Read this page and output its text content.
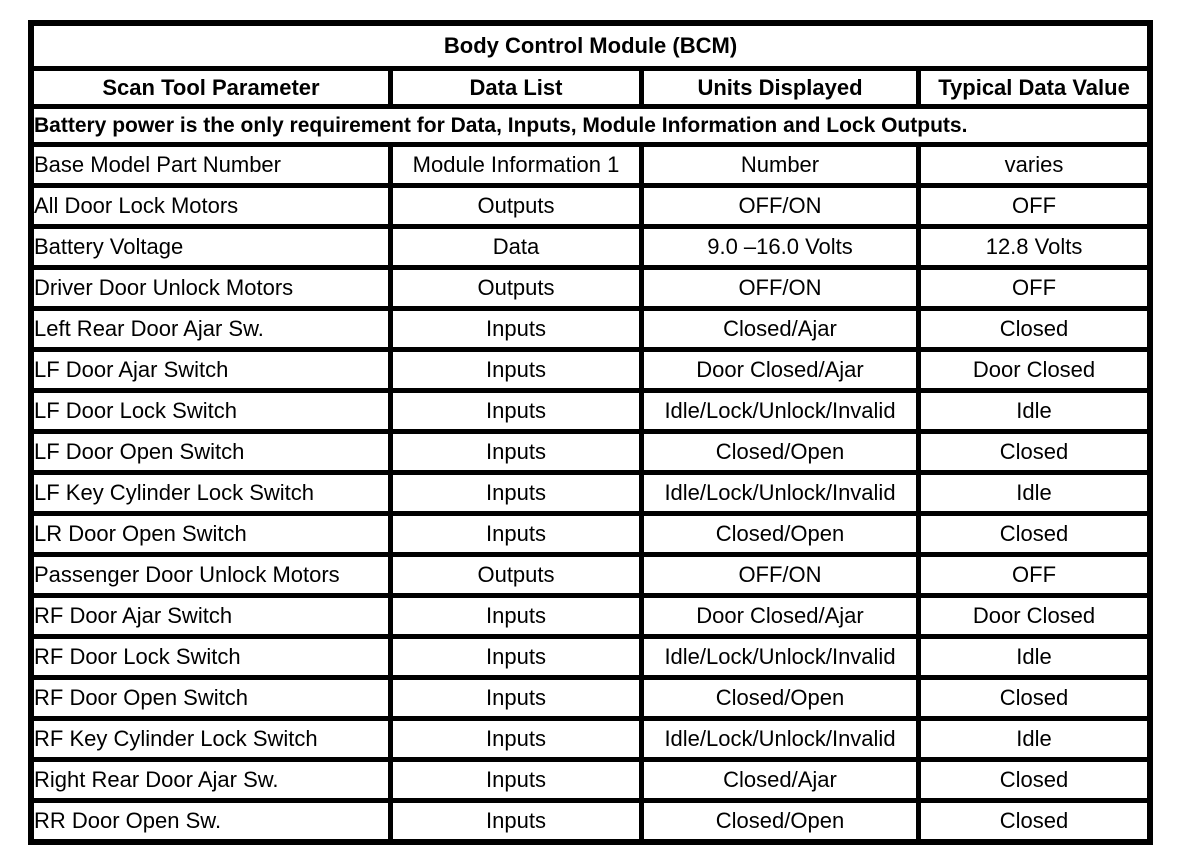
Body Control Module (BCM)			
Scan Tool Parameter	Data List	Units Displayed	Typical Data Value
Battery power is the only requirement for Data, Inputs, Module Information and Lock Outputs.			
Base Model Part Number	Module Information 1	Number	varies
All Door Lock Motors	Outputs	OFF/ON	OFF
Battery Voltage	Data	9.0 –16.0 Volts	12.8 Volts
Driver Door Unlock Motors	Outputs	OFF/ON	OFF
Left Rear Door Ajar Sw.	Inputs	Closed/Ajar	Closed
LF Door Ajar Switch	Inputs	Door Closed/Ajar	Door Closed
LF Door Lock Switch	Inputs	Idle/Lock/Unlock/Invalid	Idle
LF Door Open Switch	Inputs	Closed/Open	Closed
LF Key Cylinder Lock Switch	Inputs	Idle/Lock/Unlock/Invalid	Idle
LR Door Open Switch	Inputs	Closed/Open	Closed
Passenger Door Unlock Motors	Outputs	OFF/ON	OFF
RF Door Ajar Switch	Inputs	Door Closed/Ajar	Door Closed
RF Door Lock Switch	Inputs	Idle/Lock/Unlock/Invalid	Idle
RF Door Open Switch	Inputs	Closed/Open	Closed
RF Key Cylinder Lock Switch	Inputs	Idle/Lock/Unlock/Invalid	Idle
Right Rear Door Ajar Sw.	Inputs	Closed/Ajar	Closed
RR Door Open Sw.	Inputs	Closed/Open	Closed
